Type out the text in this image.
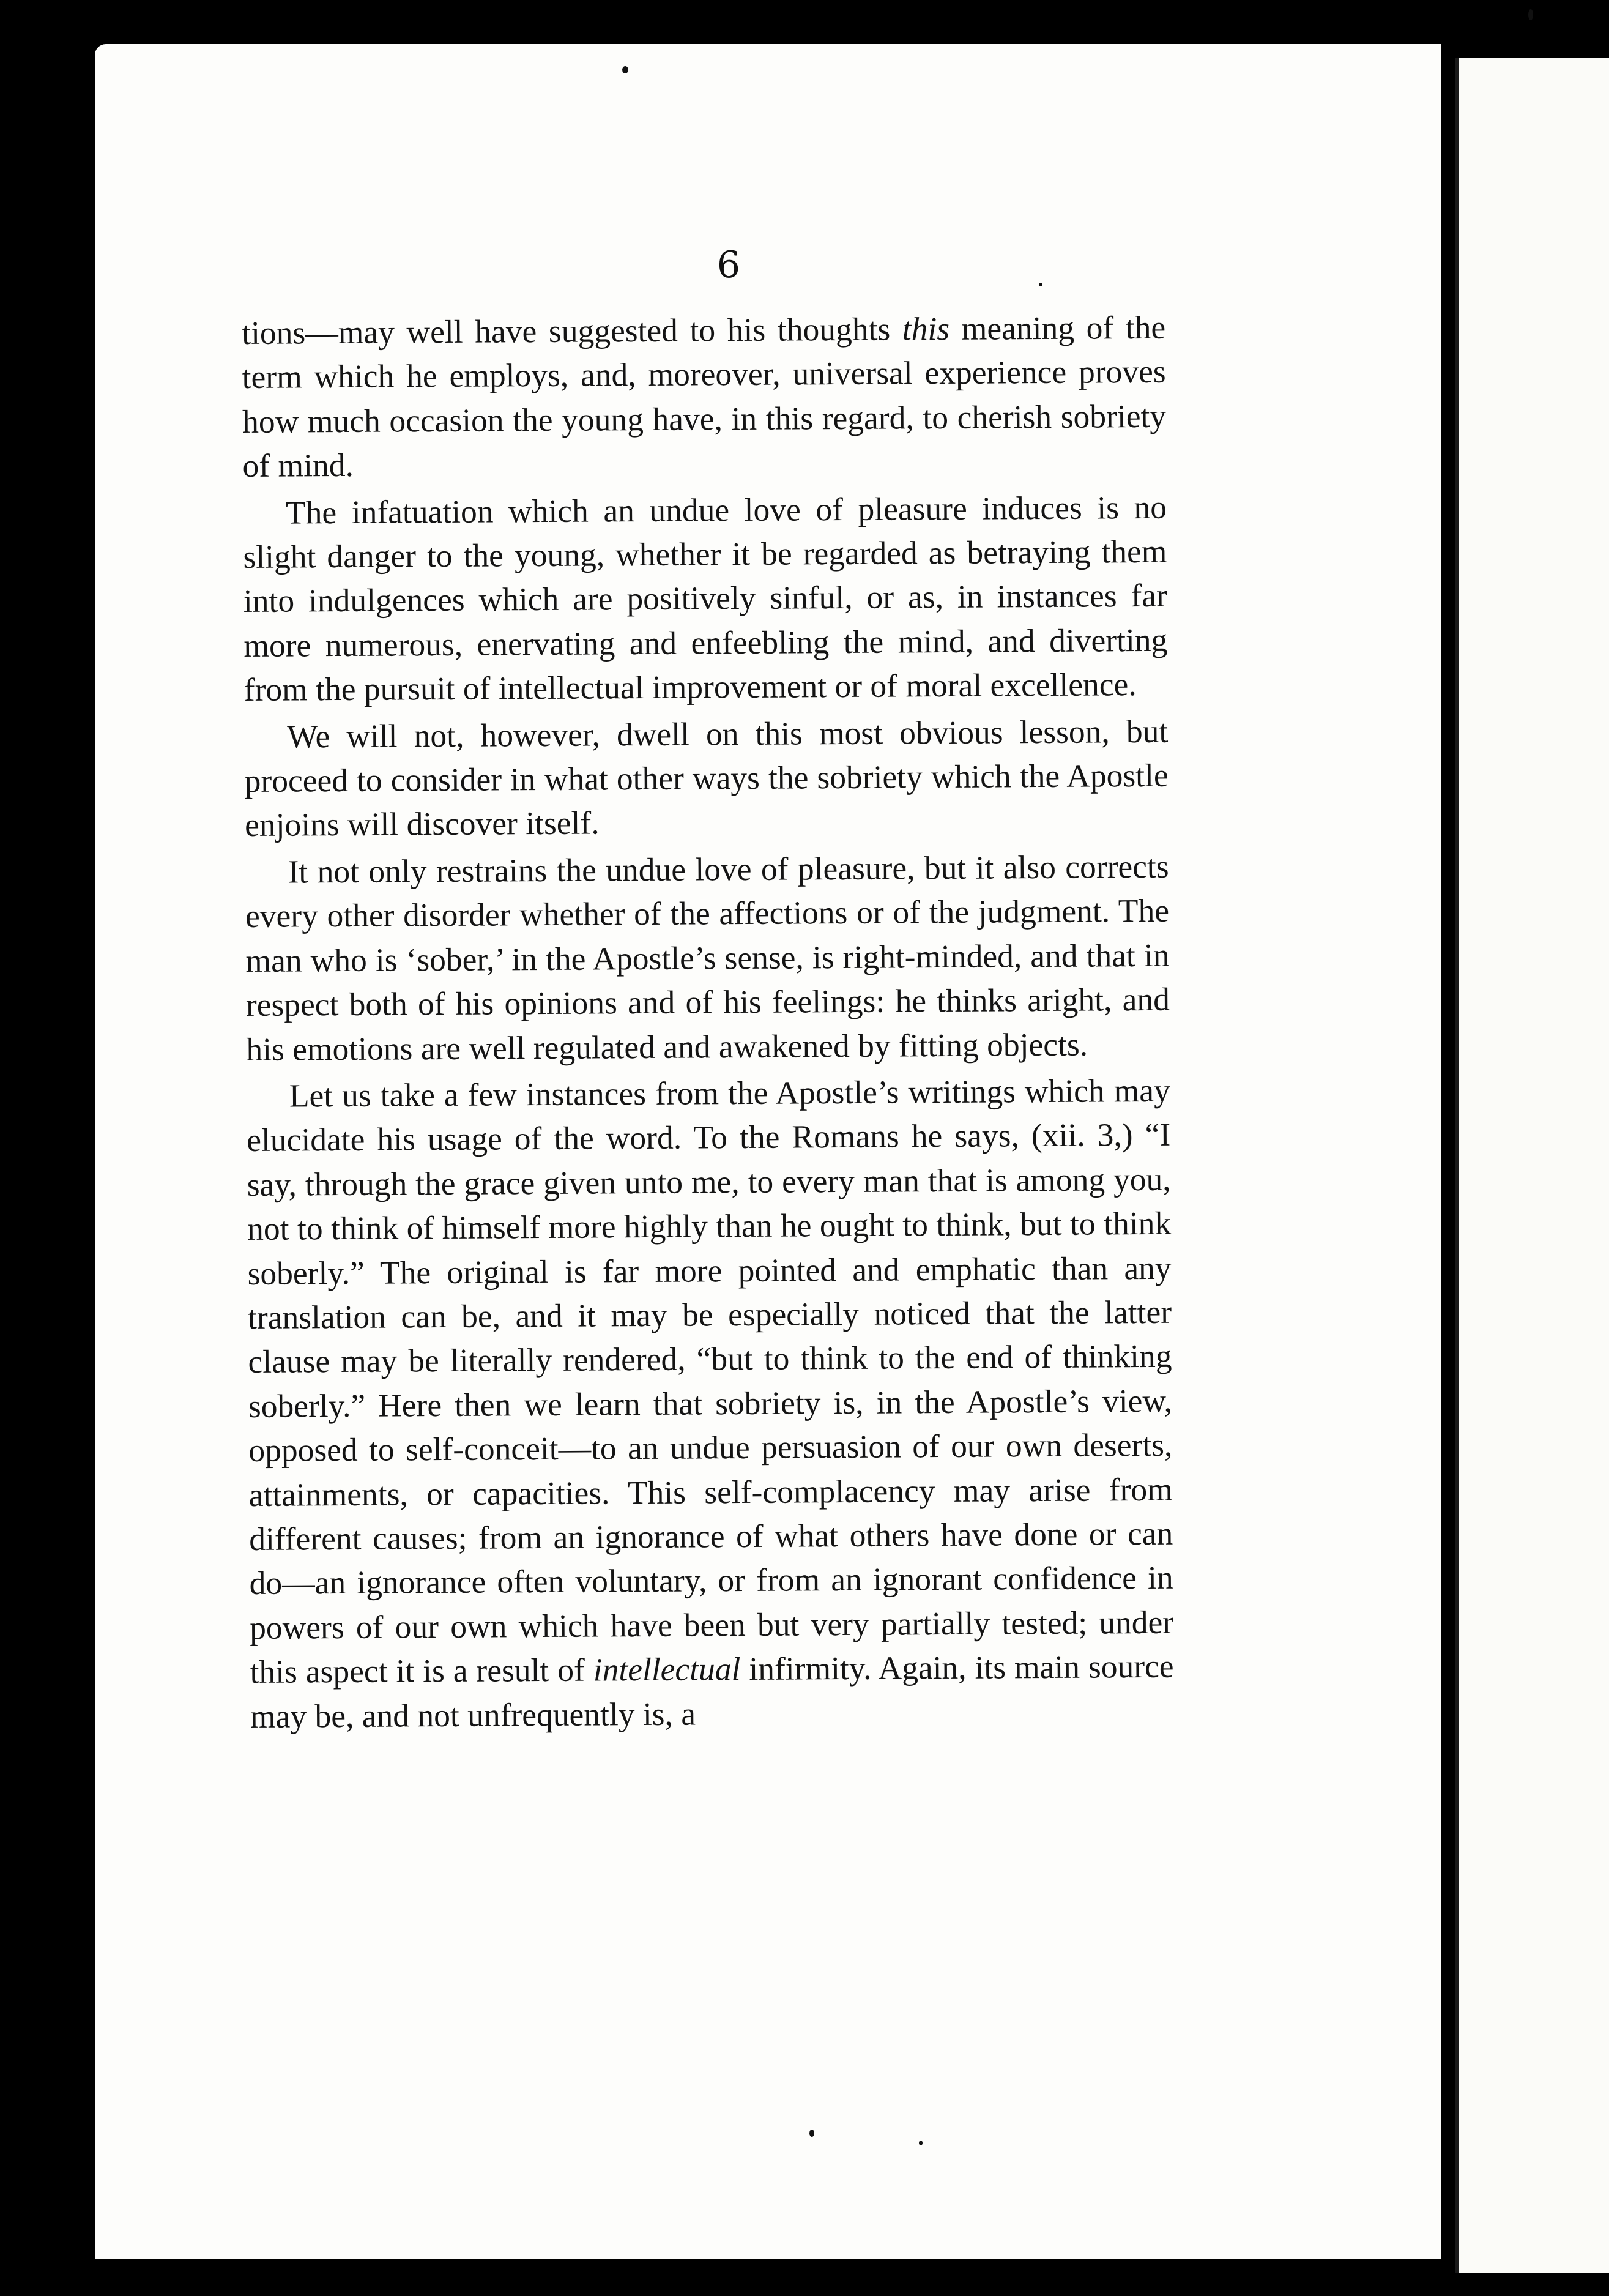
6

tions—may well have suggested to his thoughts this meaning of the term which he employs, and, moreover, universal experience proves how much occasion the young have, in this regard, to cherish sobriety of mind.

The infatuation which an undue love of pleasure induces is no slight danger to the young, whether it be regarded as betraying them into indulgences which are positively sinful, or as, in instances far more numerous, enervating and enfeebling the mind, and diverting from the pursuit of intellectual improvement or of moral excellence.

We will not, however, dwell on this most obvious lesson, but proceed to consider in what other ways the sobriety which the Apostle enjoins will discover itself.

It not only restrains the undue love of pleasure, but it also corrects every other disorder whether of the affections or of the judgment. The man who is ‘sober,’ in the Apostle’s sense, is right-minded, and that in respect both of his opinions and of his feelings: he thinks aright, and his emotions are well regulated and awakened by fitting objects.

Let us take a few instances from the Apostle’s writings which may elucidate his usage of the word. To the Romans he says, (xii. 3,) “I say, through the grace given unto me, to every man that is among you, not to think of himself more highly than he ought to think, but to think soberly.” The original is far more pointed and emphatic than any translation can be, and it may be especially noticed that the latter clause may be literally rendered, “but to think to the end of thinking soberly.” Here then we learn that sobriety is, in the Apostle’s view, opposed to self-conceit—to an undue persuasion of our own deserts, attainments, or capacities. This self-complacency may arise from different causes; from an ignorance of what others have done or can do—an ignorance often voluntary, or from an ignorant confidence in powers of our own which have been but very partially tested; under this aspect it is a result of intellectual infirmity. Again, its main source may be, and not unfrequently is, a
